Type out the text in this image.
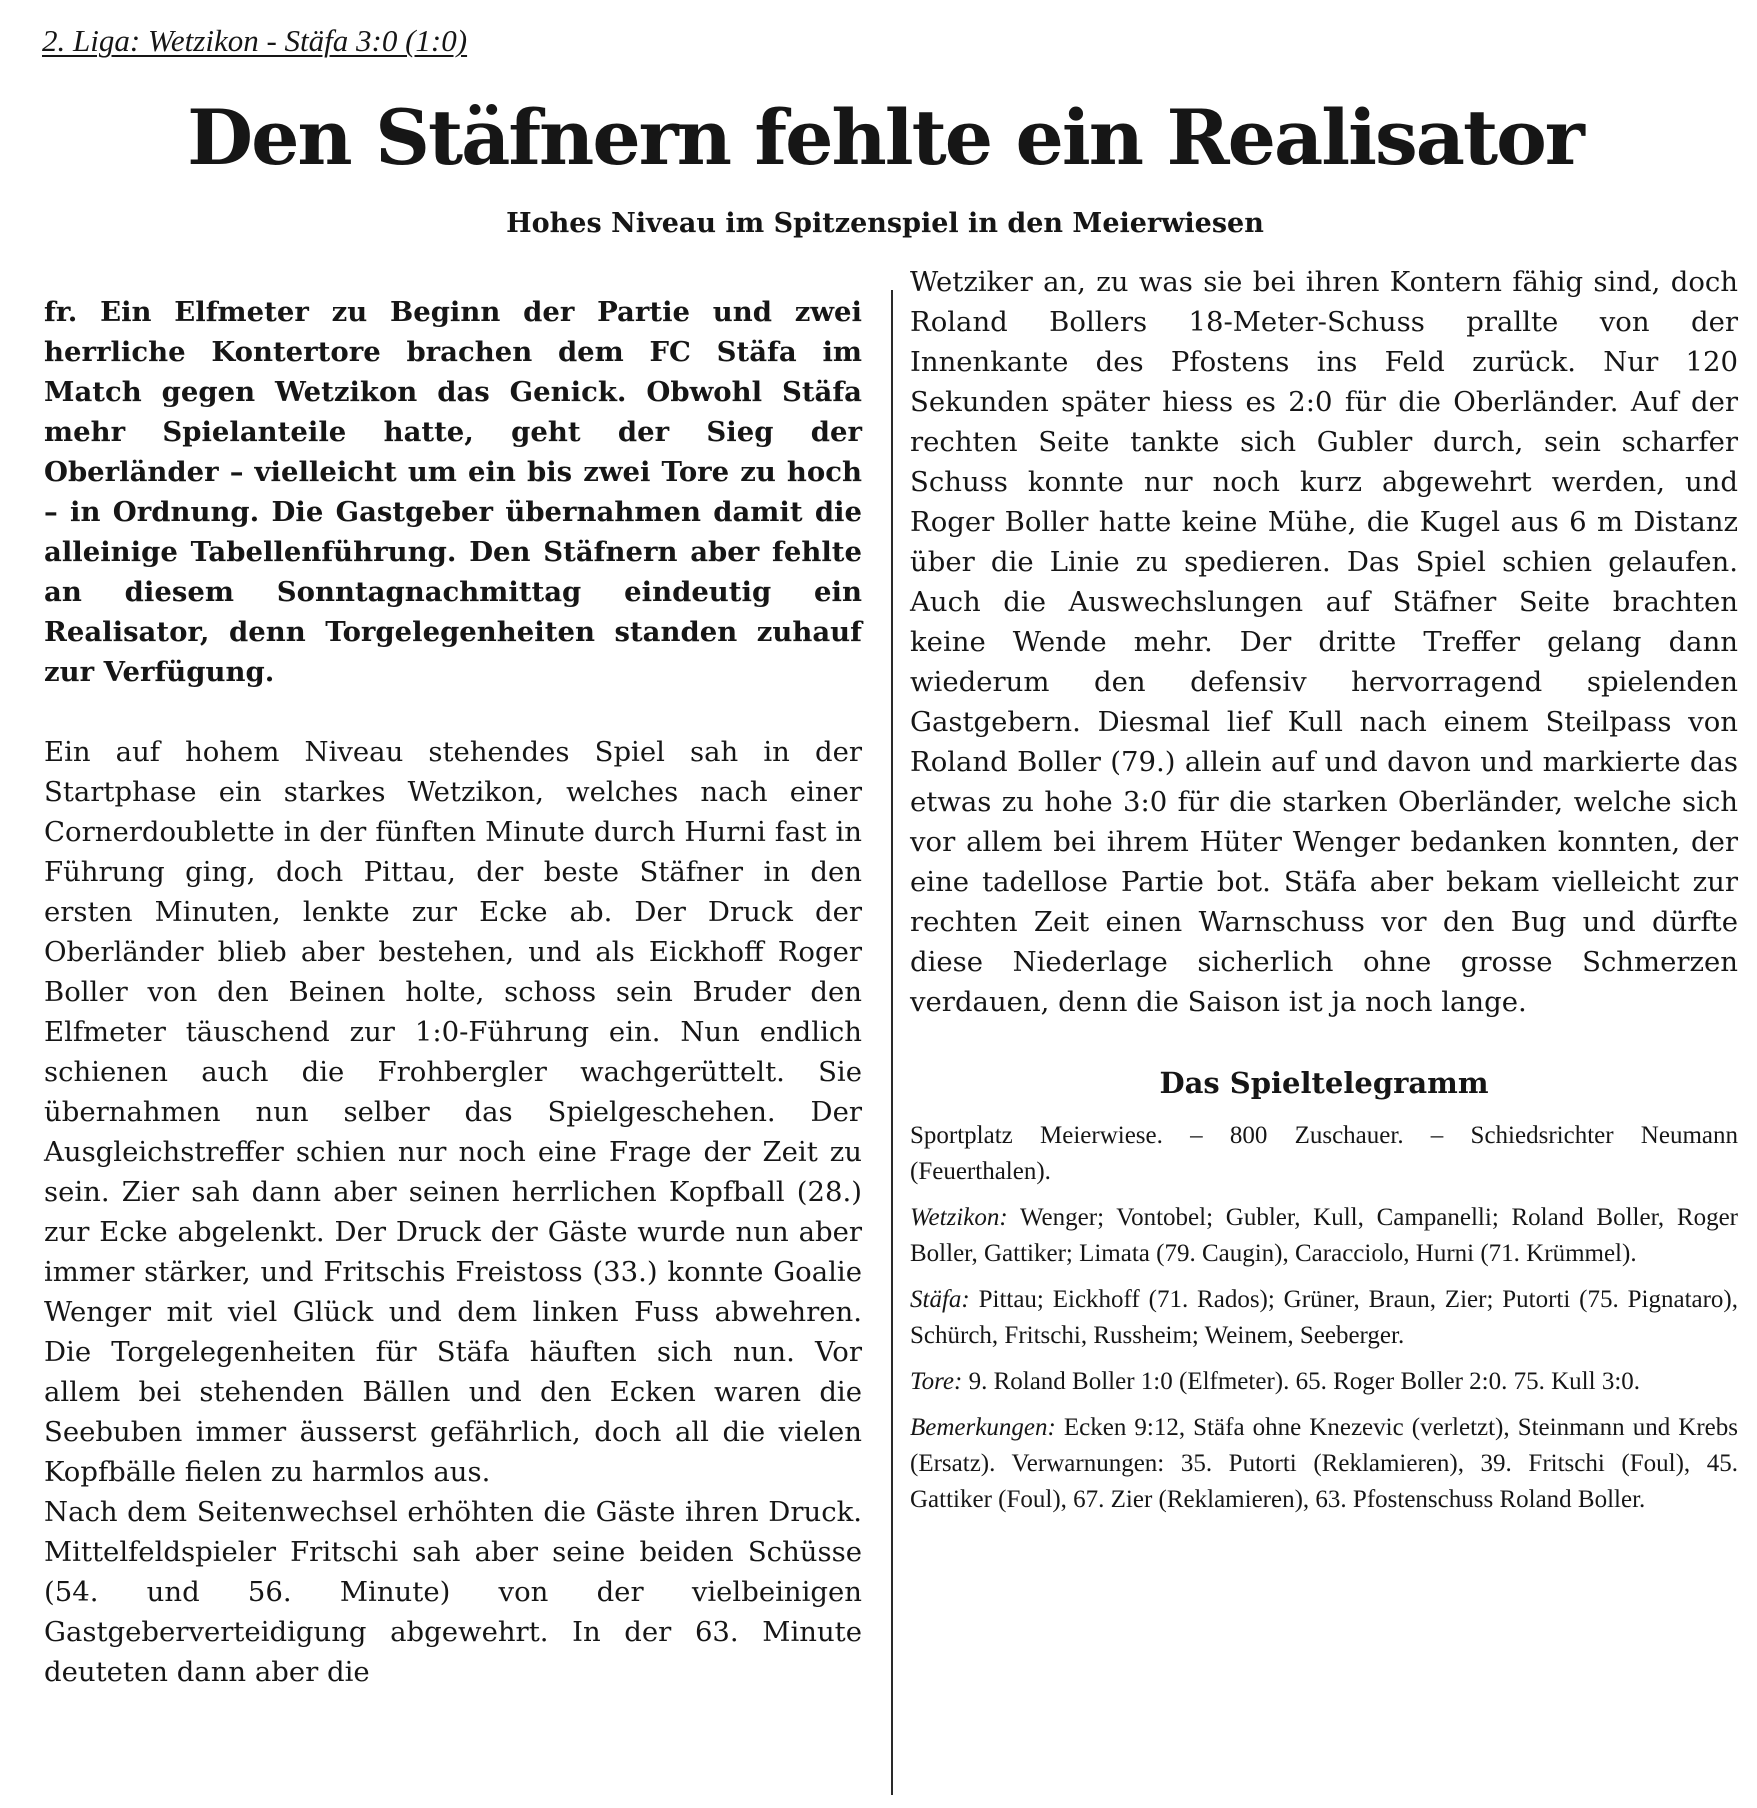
2. Liga: Wetzikon - Stäfa 3:0 (1:0)
Den Stäfnern fehlte ein Realisator
Hohes Niveau im Spitzenspiel in den Meierwiesen

fr. Ein Elfmeter zu Beginn der Partie und zwei herrliche Kontertore brachen dem FC Stäfa im Match gegen Wetzikon das Genick. Obwohl Stäfa mehr Spielanteile hatte, geht der Sieg der Oberländer – vielleicht um ein bis zwei Tore zu hoch – in Ordnung. Die Gastgeber übernahmen damit die alleinige Tabellenführung. Den Stäfnern aber fehlte an diesem Sonntagnachmittag eindeutig ein Realisator, denn Torgelegenheiten standen zuhauf zur Verfügung.

Ein auf hohem Niveau stehendes Spiel sah in der Startphase ein starkes Wetzikon, welches nach einer Cornerdoublette in der fünften Minute durch Hurni fast in Führung ging, doch Pittau, der beste Stäfner in den ersten Minuten, lenkte zur Ecke ab. Der Druck der Oberländer blieb aber bestehen, und als Eickhoff Roger Boller von den Beinen holte, schoss sein Bruder den Elfmeter täuschend zur 1:0-Führung ein. Nun endlich schienen auch die Frohbergler wachgerüttelt. Sie übernahmen nun selber das Spielgeschehen. Der Ausgleichstreffer schien nur noch eine Frage der Zeit zu sein. Zier sah dann aber seinen herrlichen Kopfball (28.) zur Ecke abgelenkt. Der Druck der Gäste wurde nun aber immer stärker, und Fritschis Freistoss (33.) konnte Goalie Wenger mit viel Glück und dem linken Fuss abwehren. Die Torgelegenheiten für Stäfa häuften sich nun. Vor allem bei stehenden Bällen und den Ecken waren die Seebuben immer äusserst gefährlich, doch all die vielen Kopfbälle fielen zu harmlos aus.

Nach dem Seitenwechsel erhöhten die Gäste ihren Druck. Mittelfeldspieler Fritschi sah aber seine beiden Schüsse (54. und 56. Minute) von der vielbeinigen Gastgeberverteidigung abgewehrt. In der 63. Minute deuteten dann aber die

Wetziker an, zu was sie bei ihren Kontern fähig sind, doch Roland Bollers 18-Meter-Schuss prallte von der Innenkante des Pfostens ins Feld zurück. Nur 120 Sekunden später hiess es 2:0 für die Oberländer. Auf der rechten Seite tankte sich Gubler durch, sein scharfer Schuss konnte nur noch kurz abgewehrt werden, und Roger Boller hatte keine Mühe, die Kugel aus 6 m Distanz über die Linie zu spedieren. Das Spiel schien gelaufen. Auch die Auswechslungen auf Stäfner Seite brachten keine Wende mehr. Der dritte Treffer gelang dann wiederum den defensiv hervorragend spielenden Gastgebern. Diesmal lief Kull nach einem Steilpass von Roland Boller (79.) allein auf und davon und markierte das etwas zu hohe 3:0 für die starken Oberländer, welche sich vor allem bei ihrem Hüter Wenger bedanken konnten, der eine tadellose Partie bot. Stäfa aber bekam vielleicht zur rechten Zeit einen Warnschuss vor den Bug und dürfte diese Niederlage sicherlich ohne grosse Schmerzen verdauen, denn die Saison ist ja noch lange.

Das Spieltelegramm

Sportplatz Meierwiese. – 800 Zuschauer. – Schiedsrichter Neumann (Feuerthalen).

Wetzikon: Wenger; Vontobel; Gubler, Kull, Campanelli; Roland Boller, Roger Boller, Gattiker; Limata (79. Caugin), Caracciolo, Hurni (71. Krümmel).

Stäfa: Pittau; Eickhoff (71. Rados); Grüner, Braun, Zier; Putorti (75. Pignataro), Schürch, Fritschi, Russheim; Weinem, Seeberger.

Tore: 9. Roland Boller 1:0 (Elfmeter). 65. Roger Boller 2:0. 75. Kull 3:0.

Bemerkungen: Ecken 9:12, Stäfa ohne Knezevic (verletzt), Steinmann und Krebs (Ersatz). Verwarnungen: 35. Putorti (Reklamieren), 39. Fritschi (Foul), 45. Gattiker (Foul), 67. Zier (Reklamieren), 63. Pfostenschuss Roland Boller.
